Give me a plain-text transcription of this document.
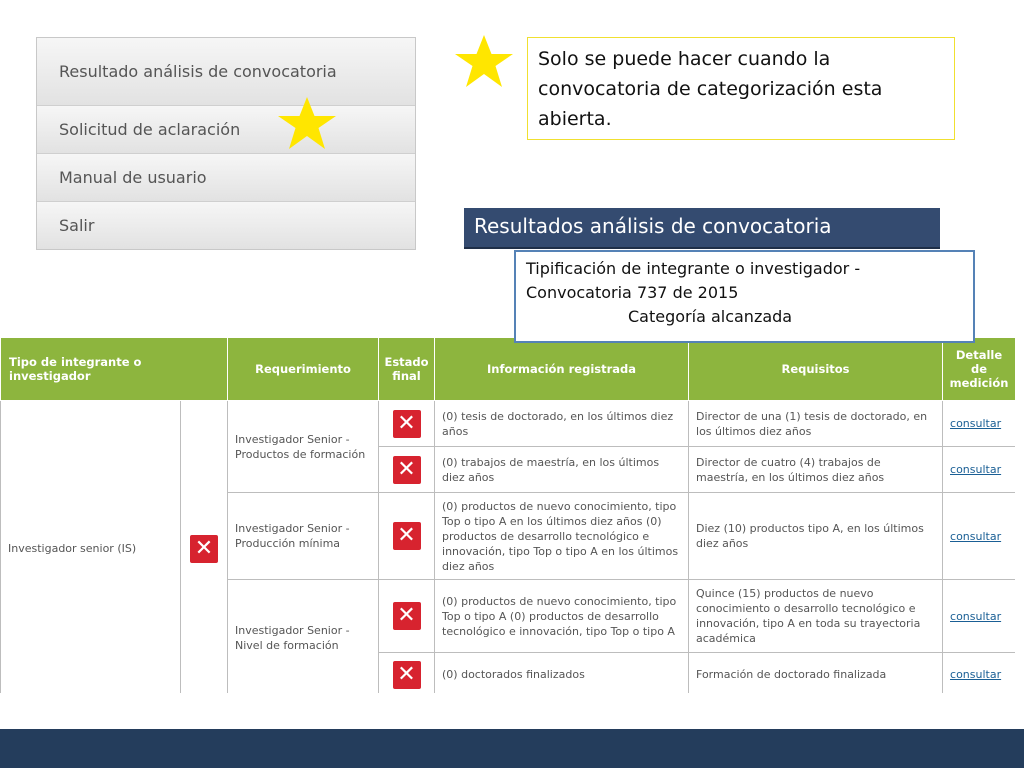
Resultado análisis de convocatoria
Solicitud de aclaración
Manual de usuario
Salir
Solo se puede hacer cuando la convocatoria de categorización esta abierta.
Resultados análisis de convocatoria
Tipificación de integrante o investigador - Convocatoria 737 de 2015
Categoría alcanzada
Tipo de integrante o investigador		Requerimiento	Estado final	Información registrada	Requisitos	Detalle de medición
Investigador senior (IS)	✕	Investigador Senior - Productos de formación	✕	(0) tesis de doctorado, en los últimos diez años	Director de una (1) tesis de doctorado, en los últimos diez años	consultar
			✕	(0) trabajos de maestría, en los últimos diez años	Director de cuatro (4) trabajos de maestría, en los últimos diez años	consultar
		Investigador Senior - Producción mínima	✕	(0) productos de nuevo conocimiento, tipo Top o tipo A en los últimos diez años (0) productos de desarrollo tecnológico e innovación, tipo Top o tipo A en los últimos diez años	Diez (10) productos tipo A, en los últimos diez años	consultar
		Investigador Senior - Nivel de formación	✕	(0) productos de nuevo conocimiento, tipo Top o tipo A (0) productos de desarrollo tecnológico e innovación, tipo Top o tipo A	Quince (15) productos de nuevo conocimiento o desarrollo tecnológico e innovación, tipo A en toda su trayectoria académica	consultar
			✕	(0) doctorados finalizados	Formación de doctorado finalizada	consultar
